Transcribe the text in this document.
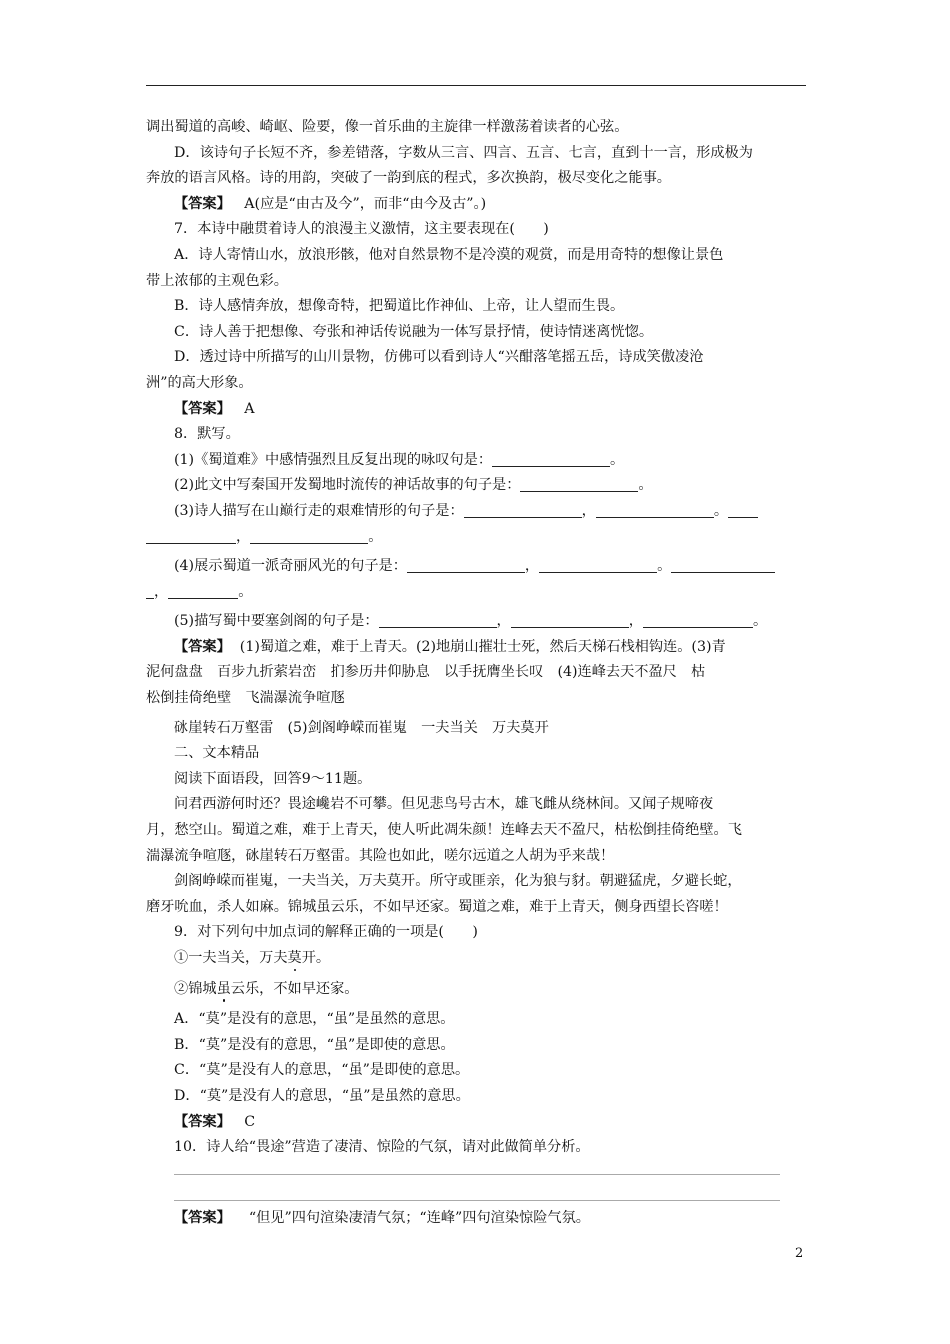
调出蜀道的高峻、崎岖、险要，像一首乐曲的主旋律一样激荡着读者的心弦。

D．该诗句子长短不齐，参差错落，字数从三言、四言、五言、七言，直到十一言，形成极为

奔放的语言风格。诗的用韵，突破了一韵到底的程式，多次换韵，极尽变化之能事。

【答案】 A(应是“由古及今”，而非“由今及古”。)

7．本诗中融贯着诗人的浪漫主义激情，这主要表现在(　　)

A．诗人寄情山水，放浪形骸，他对自然景物不是冷漠的观赏，而是用奇特的想像让景色

带上浓郁的主观色彩。

B．诗人感情奔放，想像奇特，把蜀道比作神仙、上帝，让人望而生畏。

C．诗人善于把想像、夸张和神话传说融为一体写景抒情，使诗情迷离恍惚。

D．透过诗中所描写的山川景物，仿佛可以看到诗人“兴酣落笔摇五岳，诗成笑傲凌沧

洲”的高大形象。

【答案】 A

8．默写。

(1)《蜀道难》中感情强烈且反复出现的咏叹句是：	。

(2)此文中写秦国开发蜀地时流传的神话故事的句子是：	。

(3)诗人描写在山巅行走的艰难情形的句子是：	，	。

，	。

(4)展示蜀道一派奇丽风光的句子是：	，	。

，	。

(5)描写蜀中要塞剑阁的句子是：	，	，	。

【答案】 (1)蜀道之难，难于上青天。(2)地崩山摧壮士死，然后天梯石栈相钩连。(3)青

泥何盘盘　百步九折萦岩峦　扪参历井仰胁息　以手抚膺坐长叹　(4)连峰去天不盈尺　枯

松倒挂倚绝壁　飞湍瀑流争喧豗

砯崖转石万壑雷　(5)剑阁峥嵘而崔嵬　一夫当关　万夫莫开

二、文本精品

阅读下面语段，回答9～11题。

问君西游何时还？畏途巉岩不可攀。但见悲鸟号古木，雄飞雌从绕林间。又闻子规啼夜

月，愁空山。蜀道之难，难于上青天，使人听此凋朱颜！连峰去天不盈尺，枯松倒挂倚绝壁。飞

湍瀑流争喧豗，砯崖转石万壑雷。其险也如此，嗟尔远道之人胡为乎来哉！

剑阁峥嵘而崔嵬，一夫当关，万夫莫开。所守或匪亲，化为狼与豺。朝避猛虎，夕避长蛇，

磨牙吮血，杀人如麻。锦城虽云乐，不如早还家。蜀道之难，难于上青天，侧身西望长咨嗟！

9．对下列句中加点词的解释正确的一项是(　　)

①一夫当关，万夫莫开。

②锦城虽云乐，不如早还家。

A．“莫”是没有的意思，“虽”是虽然的意思。

B．“莫”是没有的意思，“虽”是即使的意思。

C．“莫”是没有人的意思，“虽”是即使的意思。

D．“莫”是没有人的意思，“虽”是虽然的意思。

【答案】 C

10．诗人给“畏途”营造了凄清、惊险的气氛，请对此做简单分析。

【答案】 “但见”四句渲染凄清气氛；“连峰”四句渲染惊险气氛。

2
